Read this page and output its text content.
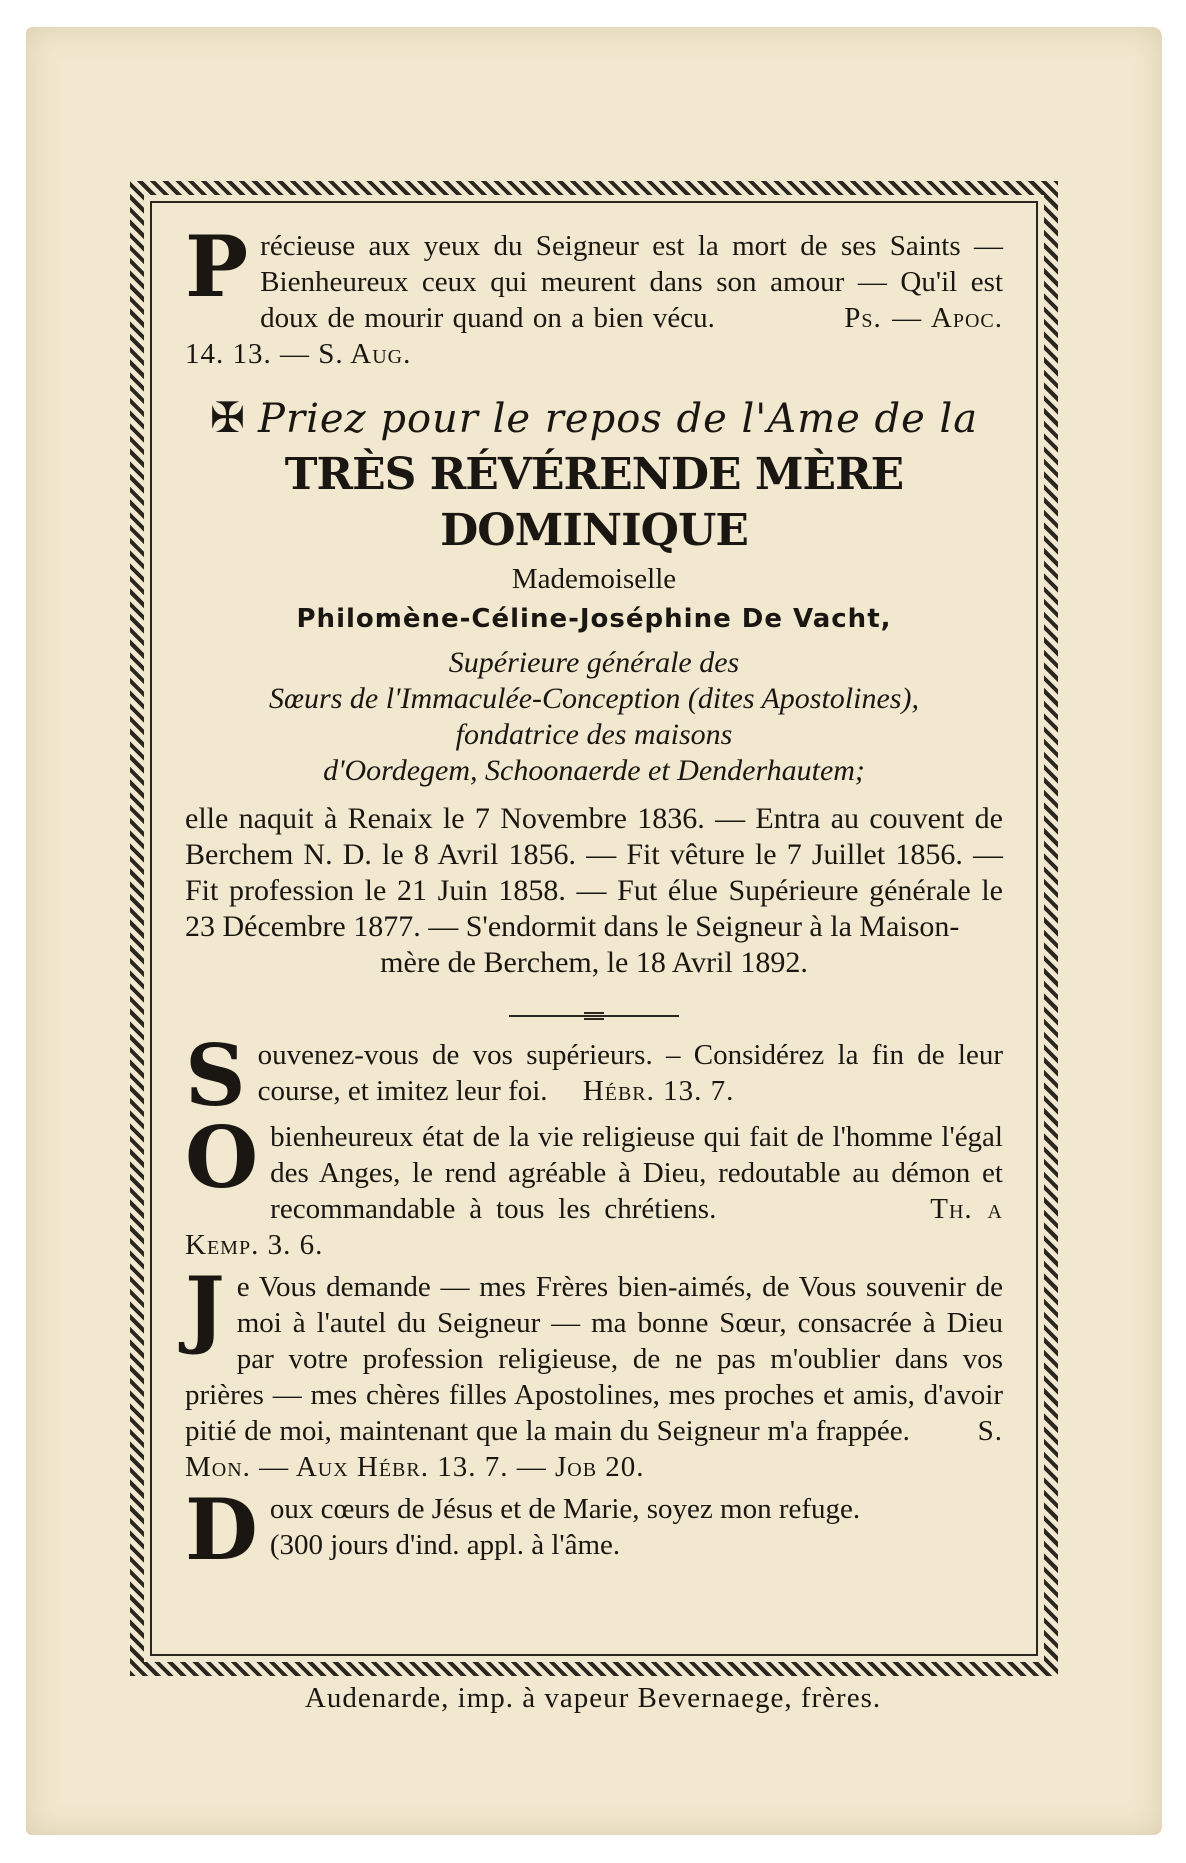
P récieuse aux yeux du Seigneur est la mort de ses Saints — Bienheureux ceux qui meurent dans son amour — Qu'il est doux de mourir quand on a bien vécu.	Ps. — Apoc. 14. 13. — S. Aug.
✠ Priez pour le repos de l'Ame de la
TRÈS RÉVÉRENDE MÈRE DOMINIQUE
Mademoiselle
Philomène-Céline-Joséphine De Vacht,
Supérieure générale des
Sœurs de l'Immaculée-Conception (dites Apostolines),
fondatrice des maisons
d'Oordegem, Schoonaerde et Denderhautem;
elle naquit à Renaix le 7 Novembre 1836. — Entra au couvent de Berchem N. D. le 8 Avril 1856. — Fit vêture le 7 Juillet 1856. — Fit profession le 21 Juin 1858. — Fut élue Supérieure générale le 23 Décembre 1877. — S'endormit dans le Seigneur à la Maison-
mère de Berchem, le 18 Avril 1892.
S ouvenez-vous de vos supérieurs. – Considérez la fin de leur course, et imitez leur foi. Hébr. 13. 7.
O bienheureux état de la vie religieuse qui fait de l'homme l'égal des Anges, le rend agréable à Dieu, redoutable au démon et recommandable à tous les chrétiens.	Th. a Kemp. 3. 6.
J e Vous demande — mes Frères bien-aimés, de Vous souvenir de moi à l'autel du Seigneur — ma bonne Sœur, consacrée à Dieu par votre profession religieuse, de ne pas m'oublier dans vos prières — mes chères filles Apostolines, mes proches et amis, d'avoir pitié de moi, maintenant que la main du Seigneur m'a frappée. S. Mon. — Aux Hébr. 13. 7. — Job 20.
D oux cœurs de Jésus et de Marie, soyez mon refuge.
(300 jours d'ind. appl. à l'âme.
Audenarde, imp. à vapeur Bevernaege, frères.
